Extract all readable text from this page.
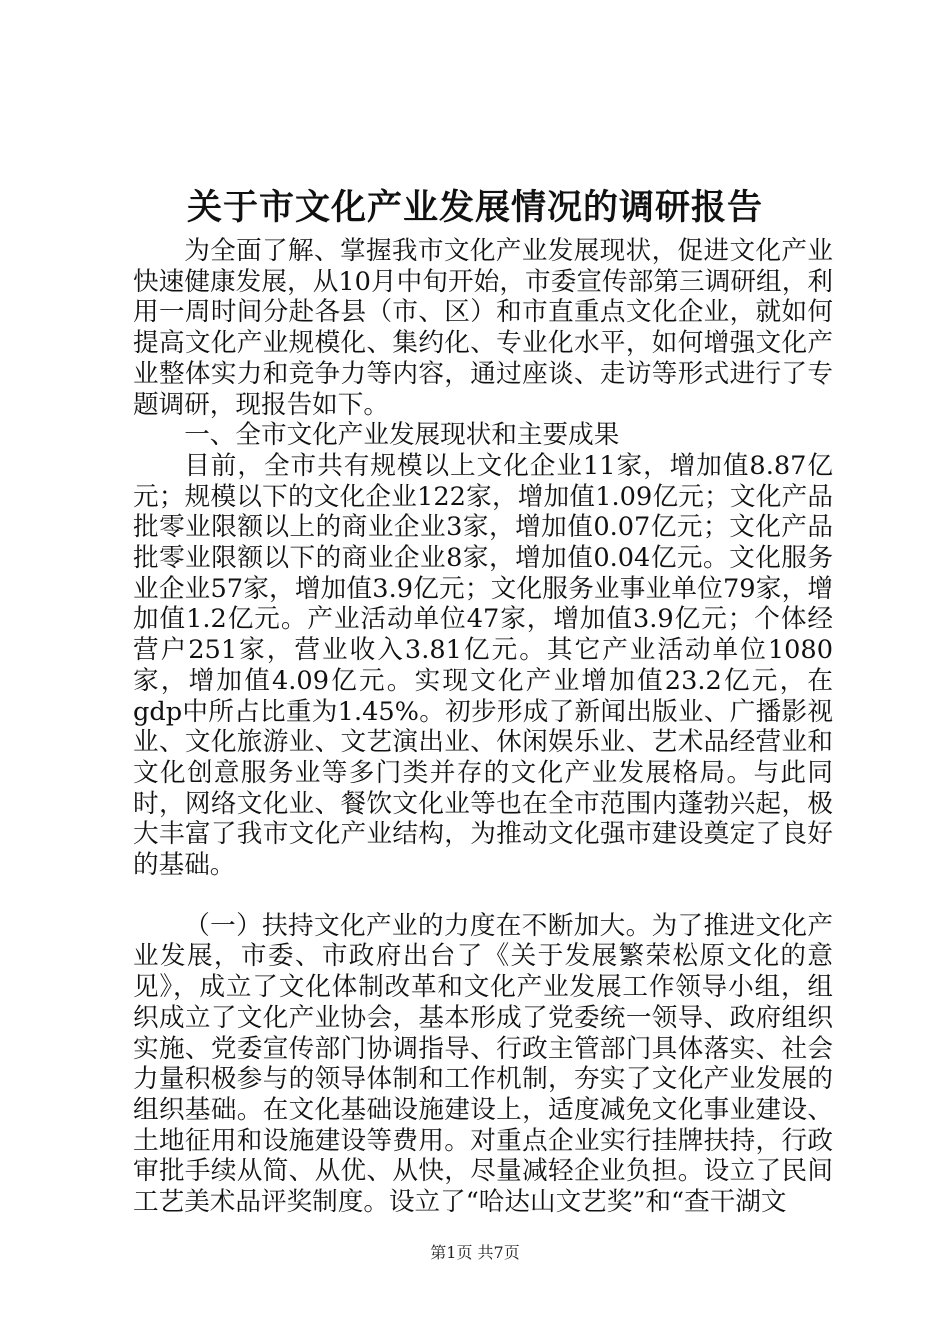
关于市文化产业发展情况的调研报告

为全面了解、掌握我市文化产业发展现状，促进文化产业快速健康发展，从10月中旬开始，市委宣传部第三调研组，利用一周时间分赴各县（市、区）和市直重点文化企业，就如何提高文化产业规模化、集约化、专业化水平，如何增强文化产业整体实力和竞争力等内容，通过座谈、走访等形式进行了专题调研，现报告如下。

一、全市文化产业发展现状和主要成果

目前，全市共有规模以上文化企业11家，增加值8.87亿元；规模以下的文化企业122家，增加值1.09亿元；文化产品批零业限额以上的商业企业3家，增加值0.07亿元；文化产品批零业限额以下的商业企业8家，增加值0.04亿元。文化服务业企业57家，增加值3.9亿元；文化服务业事业单位79家，增加值1.2亿元。产业活动单位47家，增加值3.9亿元；个体经营户251家，营业收入3.81亿元。其它产业活动单位1080家，增加值4.09亿元。实现文化产业增加值23.2亿元，在gdp中所占比重为1.45%。初步形成了新闻出版业、广播影视业、文化旅游业、文艺演出业、休闲娱乐业、艺术品经营业和文化创意服务业等多门类并存的文化产业发展格局。与此同时，网络文化业、餐饮文化业等也在全市范围内蓬勃兴起，极大丰富了我市文化产业结构，为推动文化强市建设奠定了良好的基础。

（一）扶持文化产业的力度在不断加大。为了推进文化产业发展，市委、市政府出台了《关于发展繁荣松原文化的意见》，成立了文化体制改革和文化产业发展工作领导小组，组织成立了文化产业协会，基本形成了党委统一领导、政府组织实施、党委宣传部门协调指导、行政主管部门具体落实、社会力量积极参与的领导体制和工作机制，夯实了文化产业发展的组织基础。在文化基础设施建设上，适度减免文化事业建设、土地征用和设施建设等费用。对重点企业实行挂牌扶持，行政审批手续从简、从优、从快，尽量减轻企业负担。设立了民间工艺美术品评奖制度。设立了“哈达山文艺奖”和“查干湖文

第1页 共7页
